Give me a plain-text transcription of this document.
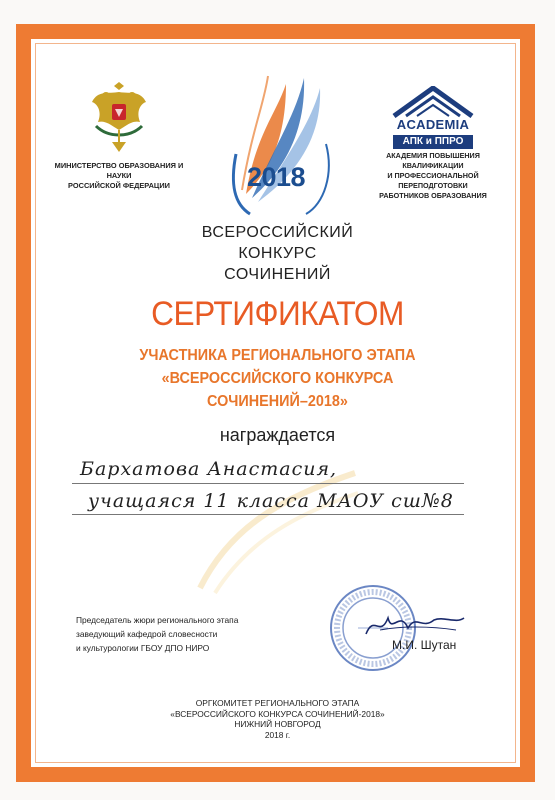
МИНИСТЕРСТВО ОБРАЗОВАНИЯ И НАУКИ
РОССИЙСКОЙ ФЕДЕРАЦИИ	2018
ACADEMIA
АПК и ППРО
АКАДЕМИЯ ПОВЫШЕНИЯ КВАЛИФИКАЦИИ
И ПРОФЕССИОНАЛЬНОЙ ПЕРЕПОДГОТОВКИ
РАБОТНИКОВ ОБРАЗОВАНИЯ
ВСЕРОССИЙСКИЙ
КОНКУРС
СОЧИНЕНИЙ
СЕРТИФИКАТОМ
УЧАСТНИКА РЕГИОНАЛЬНОГО ЭТАПА
«ВСЕРОССИЙСКОГО КОНКУРСА
СОЧИНЕНИЙ–2018»
награждается
Бархатова Анастасия,
учащаяся 11 класса МАОУ сш№8
Председатель жюри регионального этапа
заведующий кафедрой словесности
и культурологии ГБОУ ДПО НИРО	М.И. Шутан
ОРГКОМИТЕТ РЕГИОНАЛЬНОГО ЭТАПА
«ВСЕРОССИЙСКОГО КОНКУРСА СОЧИНЕНИЙ-2018»
НИЖНИЙ НОВГОРОД
2018 г.
